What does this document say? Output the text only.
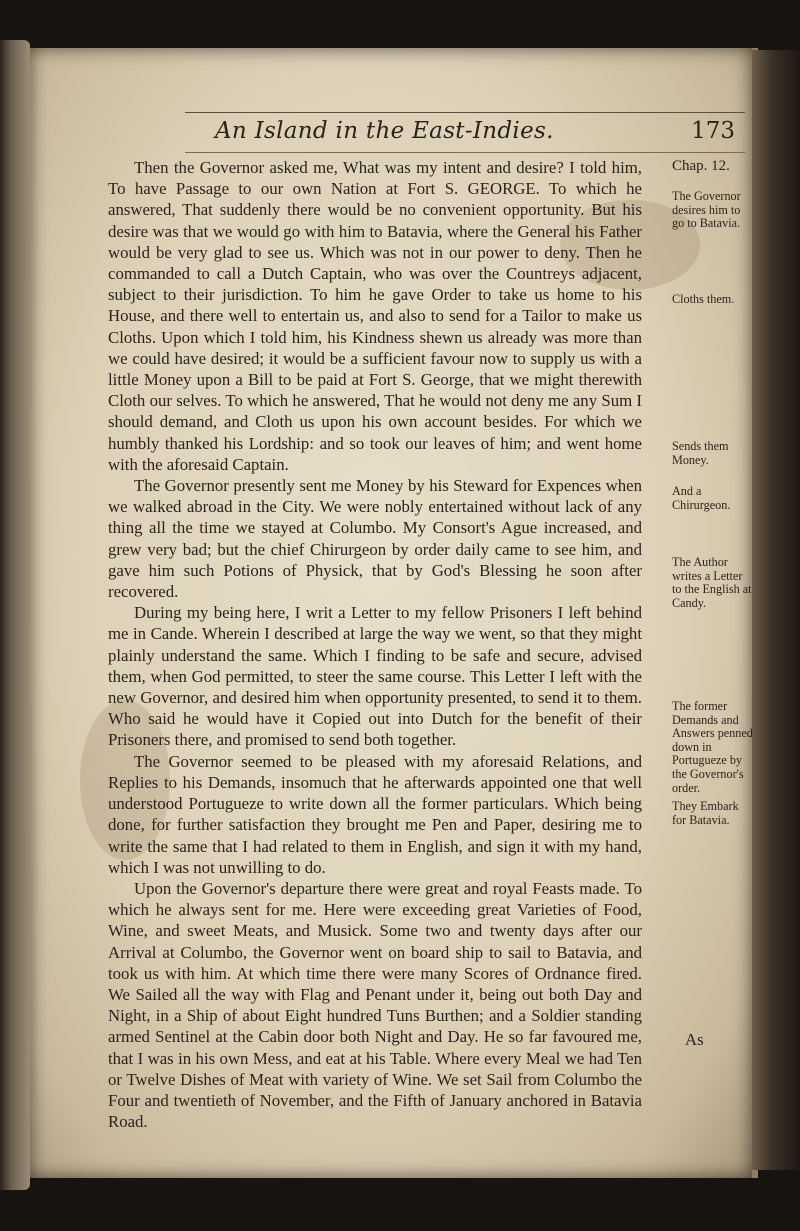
An Island in the East-Indies.	173

Then the Governor asked me, What was my intent and desire? I told him, To have Passage to our own Nation at Fort S. GEORGE. To which he answered, That suddenly there would be no convenient opportunity. But his desire was that we would go with him to Batavia, where the General his Father would be very glad to see us. Which was not in our power to deny. Then he commanded to call a Dutch Captain, who was over the Countreys adjacent, subject to their jurisdiction. To him he gave Order to take us home to his House, and there well to entertain us, and also to send for a Tailor to make us Cloths. Upon which I told him, his Kindness shewn us already was more than we could have desired; it would be a sufficient favour now to supply us with a little Money upon a Bill to be paid at Fort S. George, that we might therewith Cloth our selves. To which he answered, That he would not deny me any Sum I should demand, and Cloth us upon his own account besides. For which we humbly thanked his Lordship: and so took our leaves of him; and went home with the aforesaid Captain.

The Governor presently sent me Money by his Steward for Expences when we walked abroad in the City. We were nobly entertained without lack of any thing all the time we stayed at Columbo. My Consort's Ague increased, and grew very bad; but the chief Chirurgeon by order daily came to see him, and gave him such Potions of Physick, that by God's Blessing he soon after recovered.

During my being here, I writ a Letter to my fellow Prisoners I left behind me in Cande. Wherein I described at large the way we went, so that they might plainly understand the same. Which I finding to be safe and secure, advised them, when God permitted, to steer the same course. This Letter I left with the new Governor, and desired him when opportunity presented, to send it to them. Who said he would have it Copied out into Dutch for the benefit of their Prisoners there, and promised to send both together.

The Governor seemed to be pleased with my aforesaid Relations, and Replies to his Demands, insomuch that he afterwards appointed one that well understood Portugueze to write down all the former particulars. Which being done, for further satisfaction they brought me Pen and Paper, desiring me to write the same that I had related to them in English, and sign it with my hand, which I was not unwilling to do.

Upon the Governor's departure there were great and royal Feasts made. To which he always sent for me. Here were exceeding great Varieties of Food, Wine, and sweet Meats, and Musick. Some two and twenty days after our Arrival at Columbo, the Governor went on board ship to sail to Batavia, and took us with him. At which time there were many Scores of Ordnance fired. We Sailed all the way with Flag and Penant under it, being out both Day and Night, in a Ship of about Eight hundred Tuns Burthen; and a Soldier standing armed Sentinel at the Cabin door both Night and Day. He so far favoured me, that I was in his own Mess, and eat at his Table. Where every Meal we had Ten or Twelve Dishes of Meat with variety of Wine. We set Sail from Columbo the Four and twentieth of November, and the Fifth of January anchored in Batavia Road.

Chap. 12.
The Governor desires him to go to Batavia.
Cloths them.
Sends them Money.
And a Chirurgeon.
The Author writes a Letter to the English at Candy.
The former Demands and Answers penned down in Portugueze by the Governor's order.
They Embark for Batavia.
As
